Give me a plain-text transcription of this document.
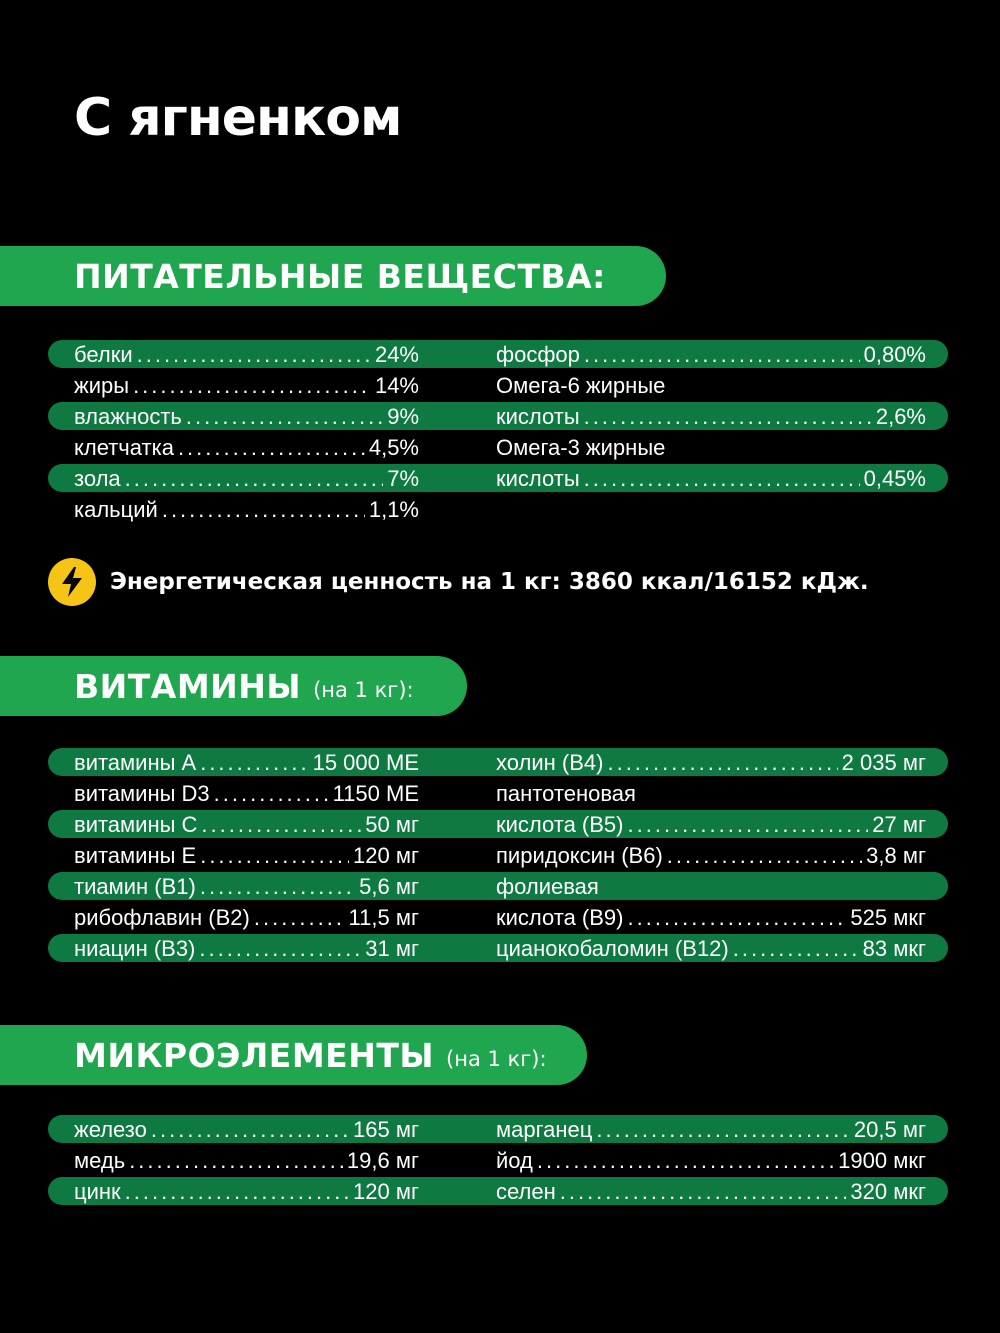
С ягненком
ПИТАТЕЛЬНЫЕ ВЕЩЕСТВА:
белки .....	24%
жиры .....	14%
влажность .....	9%
клетчатка .....	4,5%
зола .....	7%
кальций .....	1,1%
фосфор .....	0,80%
Омега-6 жирные
кислоты .....	2,6%
Омега-3 жирные
кислоты .....	0,45%
Энергетическая ценность на 1 кг: 3860 ккал/16152 кДж.
ВИТАМИНЫ (на 1 кг):
витамины А .....	15 000 МЕ
витамины D3 .....	1150 МЕ
витамины С .....	50 мг
витамины Е .....	120 мг
тиамин (В1) .....	5,6 мг
рибофлавин (В2) .....	11,5 мг
ниацин (В3) .....	31 мг
холин (В4) .....	2 035 мг
пантотеновая
кислота (В5) .....	27 мг
пиридоксин (В6) .....	3,8 мг
фолиевая
кислота (В9) .....	525 мкг
цианокобаломин (В12) .....	83 мкг
МИКРОЭЛЕМЕНТЫ (на 1 кг):
железо .....	165 мг
медь .....	19,6 мг
цинк .....	120 мг
марганец .....	20,5 мг
йод .....	1900 мкг
селен .....	320 мкг
